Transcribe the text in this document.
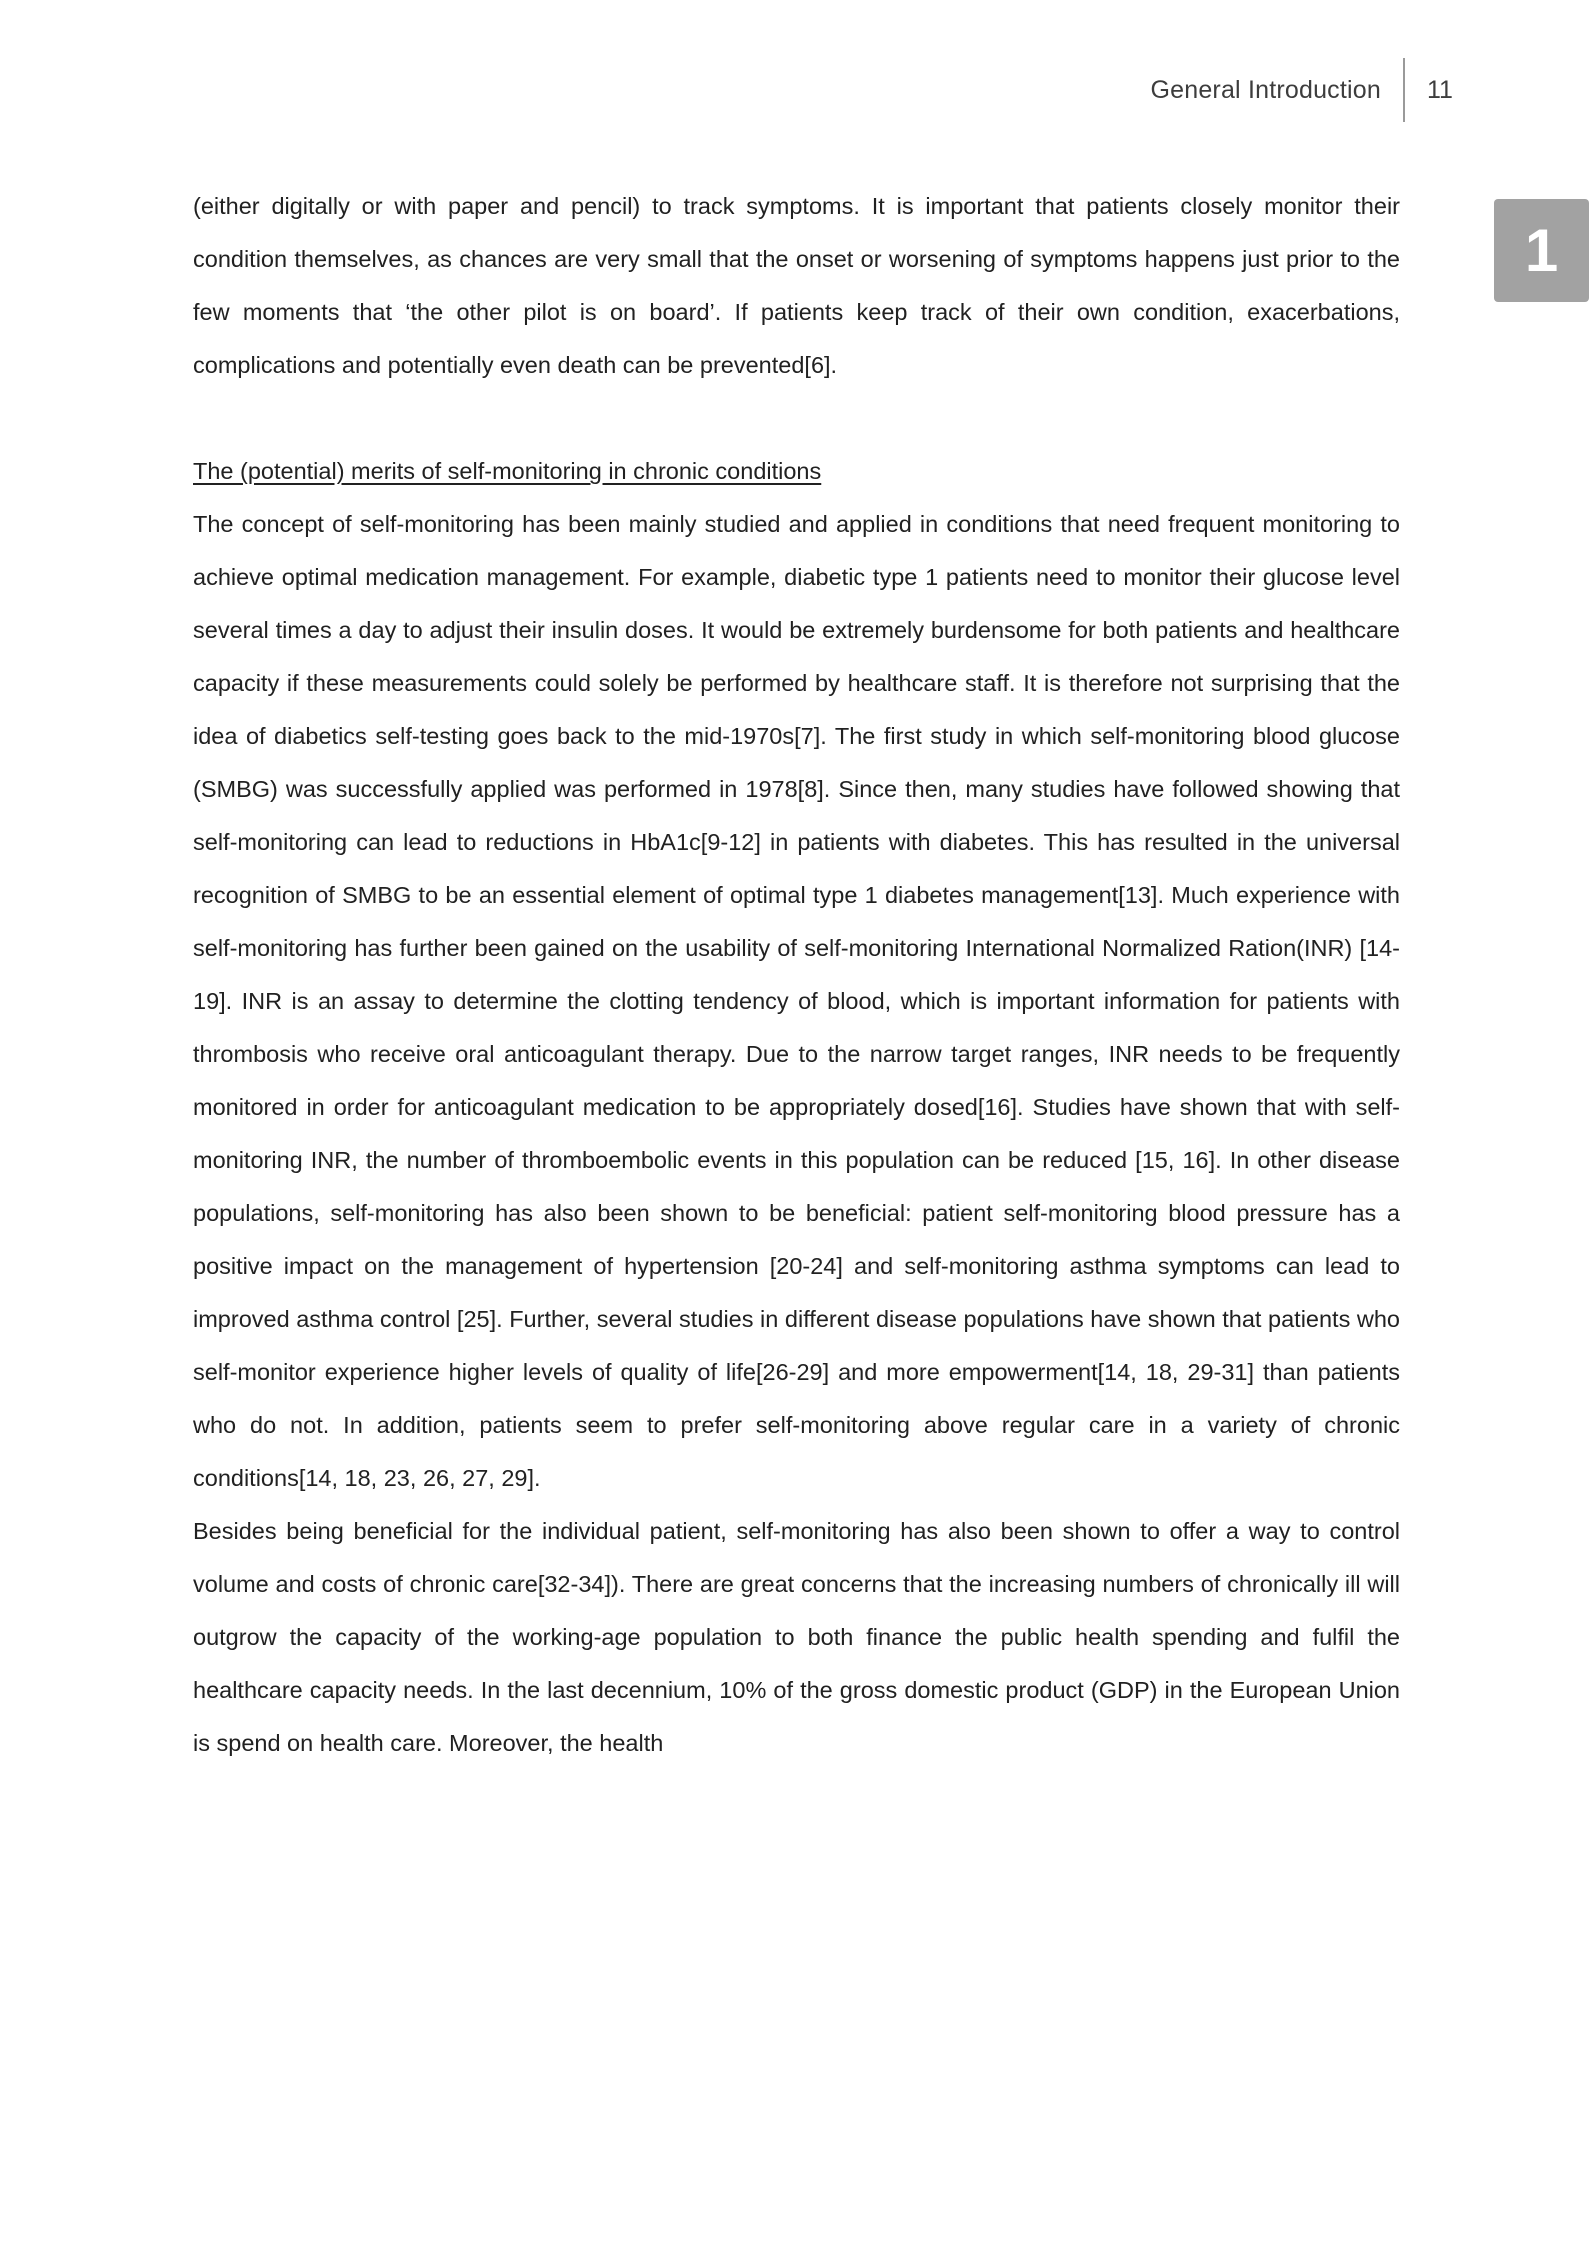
General Introduction 11
1

(either digitally or with paper and pencil) to track symptoms. It is important that patients closely monitor their condition themselves, as chances are very small that the onset or worsening of symptoms happens just prior to the few moments that ‘the other pilot is on board’. If patients keep track of their own condition, exacerbations, complications and potentially even death can be prevented[6].

The (potential) merits of self-monitoring in chronic conditions

The concept of self-monitoring has been mainly studied and applied in conditions that need frequent monitoring to achieve optimal medication management. For example, diabetic type 1 patients need to monitor their glucose level several times a day to adjust their insulin doses. It would be extremely burdensome for both patients and healthcare capacity if these measurements could solely be performed by healthcare staff. It is therefore not surprising that the idea of diabetics self-testing goes back to the mid-1970s[7]. The first study in which self-monitoring blood glucose (SMBG) was successfully applied was performed in 1978[8]. Since then, many studies have followed showing that self-monitoring can lead to reductions in HbA1c[9-12] in patients with diabetes. This has resulted in the universal recognition of SMBG to be an essential element of optimal type 1 diabetes management[13]. Much experience with self-monitoring has further been gained on the usability of self-monitoring International Normalized Ration(INR) [14-19]. INR is an assay to determine the clotting tendency of blood, which is important information for patients with thrombosis who receive oral anticoagulant therapy. Due to the narrow target ranges, INR needs to be frequently monitored in order for anticoagulant medication to be appropriately dosed[16]. Studies have shown that with self-monitoring INR, the number of thromboembolic events in this population can be reduced [15, 16]. In other disease populations, self-monitoring has also been shown to be beneficial: patient self-monitoring blood pressure has a positive impact on the management of hypertension [20-24] and self-monitoring asthma symptoms can lead to improved asthma control [25]. Further, several studies in different disease populations have shown that patients who self-monitor experience higher levels of quality of life[26-29] and more empowerment[14, 18, 29-31] than patients who do not. In addition, patients seem to prefer self-monitoring above regular care in a variety of chronic conditions[14, 18, 23, 26, 27, 29].

Besides being beneficial for the individual patient, self-monitoring has also been shown to offer a way to control volume and costs of chronic care[32-34]). There are great concerns that the increasing numbers of chronically ill will outgrow the capacity of the working-age population to both finance the public health spending and fulfil the healthcare capacity needs. In the last decennium, 10% of the gross domestic product (GDP) in the European Union is spend on health care. Moreover, the health
